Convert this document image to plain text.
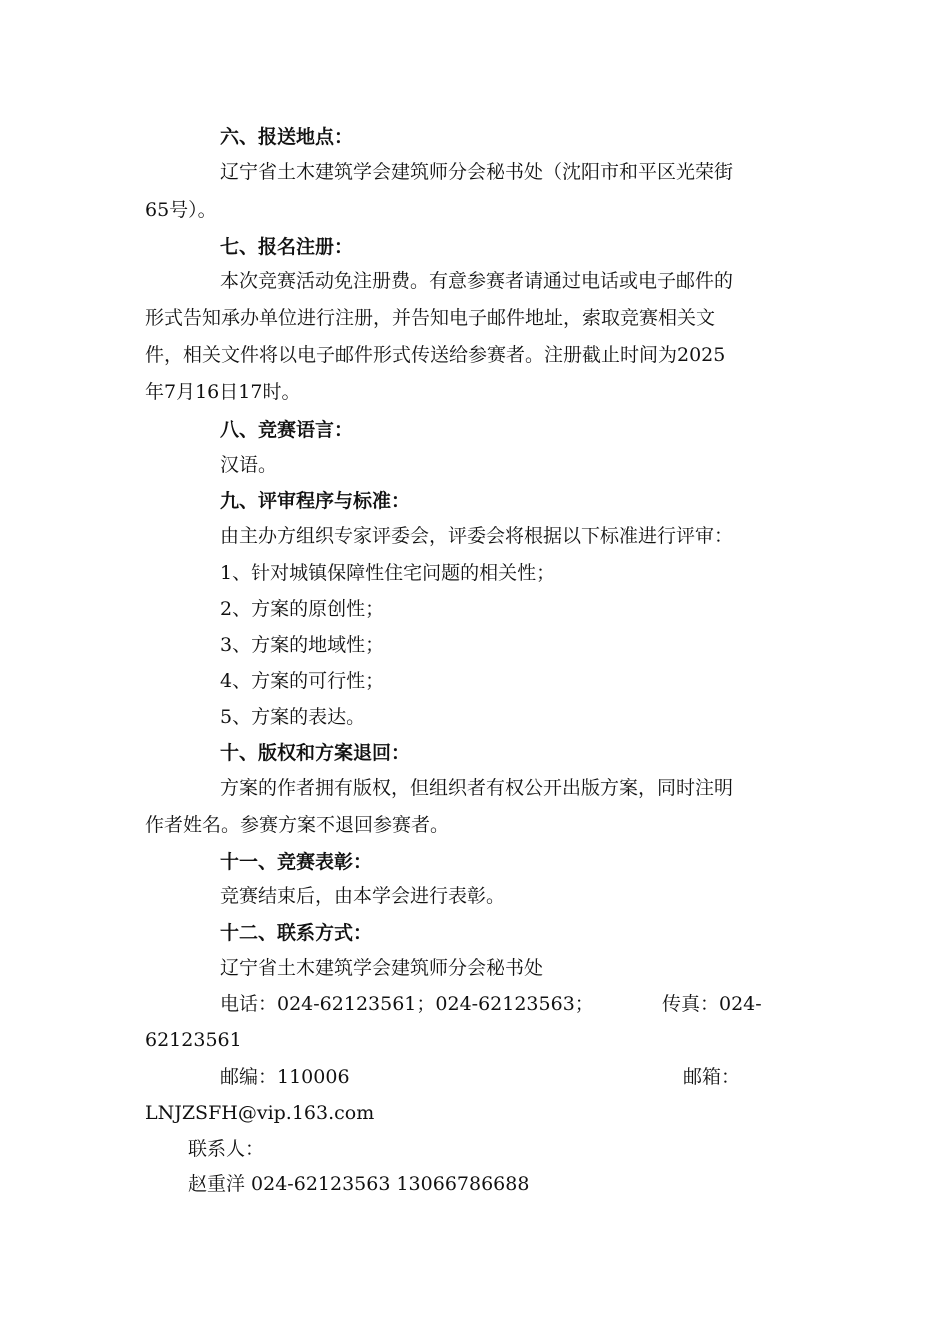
六、报送地点：
辽宁省土木建筑学会建筑师分会秘书处（沈阳市和平区光荣街
65号）。
七、报名注册：
本次竞赛活动免注册费。有意参赛者请通过电话或电子邮件的
形式告知承办单位进行注册，并告知电子邮件地址，索取竞赛相关文
件，相关文件将以电子邮件形式传送给参赛者。注册截止时间为2025
年7月16日17时。
八、竞赛语言：
汉语。
九、评审程序与标准：
由主办方组织专家评委会，评委会将根据以下标准进行评审：
1、针对城镇保障性住宅问题的相关性；
2、方案的原创性；
3、方案的地域性；
4、方案的可行性；
5、方案的表达。
十、版权和方案退回：
方案的作者拥有版权，但组织者有权公开出版方案，同时注明
作者姓名。参赛方案不退回参赛者。
十一、竞赛表彰：
竞赛结束后，由本学会进行表彰。
十二、联系方式：
辽宁省土木建筑学会建筑师分会秘书处
电话：024-62123561；024-62123563；	传真：024-
62123561
邮编：110006	邮箱：
LNJZSFH@vip.163.com
联系人：
赵重洋 024-62123563 13066786688
